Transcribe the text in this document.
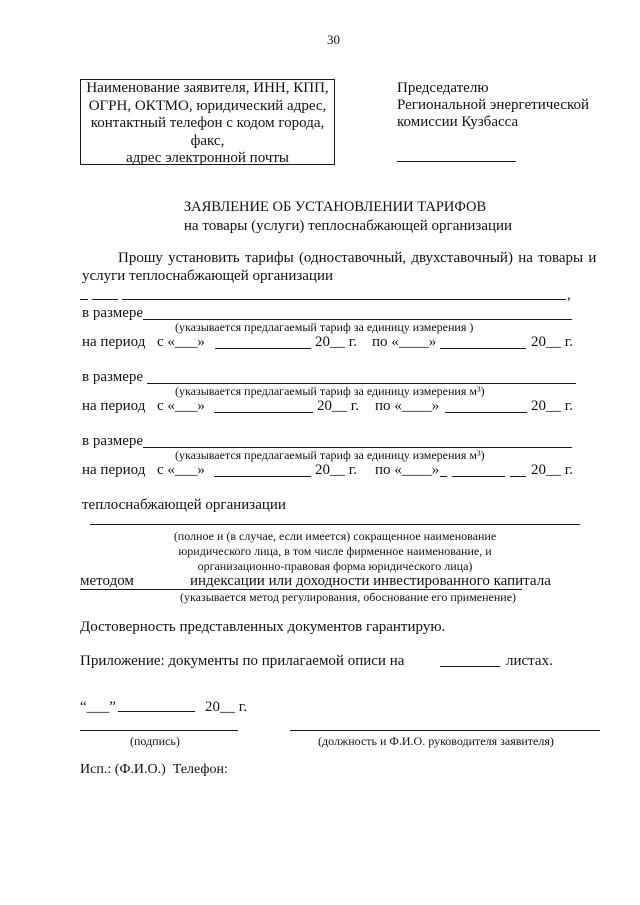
30
Наименование заявителя, ИНН, КПП,
ОГРН, ОКТМО, юридический адрес,
контактный телефон с кодом города,
факс,
адрес электронной почты
Председателю
Региональной энергетической
комиссии Кузбасса
ЗАЯВЛЕНИЕ ОБ УСТАНОВЛЕНИИ ТАРИФОВ
на товары (услуги) теплоснабжающей организации
Прошу установить тарифы (одноставочный, двухставочный) на товары и
услуги теплоснабжающей организации
,
в размере
(указывается предлагаемый тариф за единицу измерения )
на период с «___»	20__ г. по «____»	20__ г.
в размере
(указывается предлагаемый тариф за единицу измерения м³)
на период с «___»	20__ г. по «____»	20__ г.
в размере
(указывается предлагаемый тариф за единицу измерения м³)
на период с «___»	20__ г. по «____»	20__ г.
теплоснабжающей организации
(полное и (в случае, если имеется) сокращенное наименование
юридического лица, в том числе фирменное наименование, и
организационно-правовая форма юридического лица)
методом	индексации или доходности инвестированного капитала
(указывается метод регулирования, обоснование его применение)
Достоверность представленных документов гарантирую.
Приложение: документы по прилагаемой описи на	листах.
“___”	20__ г.
(подпись)	(должность и Ф.И.О. руководителя заявителя)
Исп.: (Ф.И.О.)  Телефон:
